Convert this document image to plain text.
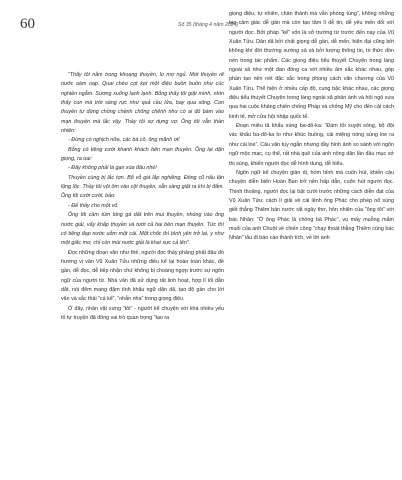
60	Số 35 (tháng 4 năm 2024)

“Thấy tôi nằm trong khoang thuyền, lo mơ ngủ. Mới thuyền rẽ nước oàm oạp. Quai chèo cọt kẹt một điệu buồn buồn như cúc nghiền ngẫm. Sương xuống lạnh lạnh. Bỗng thấy tôi giật mình, nhìn thấy con mà trời sáng rực như quả cầu lửa, bay qua sông. Con thuyền tự dừng chồng chềnh chống chênh như có ai đó bám vào mạn thuyền mà lắc vậy. Thầy tôi sợ dựng vợ. Ông tôi vẫn thản nhiên:

- Đừng có nghịch nữa, các bà cô, ông mãnh ơi!

Bỗng có tiếng cười khanh khách bên mạn thuyền. Ông lại dặn giọng, ra oai:

- Đây không phải là gạn xúa đâu nhé!

Thuyền cùng bị lắc tợn. Bố vỗ giá lắp nghiêng. Đồng cũ nấu lận lộng lộc. Thầy tôi vội ôm vào cột thuyền, sẵn sàng giật ra khi bị đắm. Ông tôi cười cười, bảo:

- Để thầy cho một vố.

Ông tôi cầm túm lóng gà dắt trên mui thuyền, nhúng vào ống nước giải, vẩy khắp thuyền và tưới cả hai bên mạn thuyền. Tức thì có tiếng đạp nước uỗm một cái. Một chốc thì bình yên trở lại, y như một giấc mơ, chỉ còn mùi nước giải là khai sực cả lên”.

Đọc những đoạn văn như thế, người đọc thấy phảng phất đâu đó hương vị văn Vũ Xuân Tửu những điều kể lại hoàn toàn khác, đề gần, dễ đọc, dễ tiếp nhận chứ không bị choáng ngợp trước sự ngôn ngữ của người từ. Nhà văn đã sử dụng rất linh hoạt, hợp lí lối dẫn dắt, nói đêm mang đậm tính khẩu ngữ dân dã, tạo độ gần cho lời văn và sắc thái “cá kể”, “nhẫn nha” trong giọng điệu.

Ở đây, nhân vật xưng “tôi” - người kể chuyện với khá nhiều yếu tố tự truyện đã đóng vai trò quan trọng “tạo ra

giọng điệu, tự nhiên, chân thành mà vẫn phóng túng”, không những tạo cảm giác dễ gần mà còn tạo tâm lí dễ tin, dễ yêu mến đối với người đọc. Bởi pháp “kể” vốn là sở trường từ trước đến nay của Vũ Xuân Tửu. Dân dã bởi chất giọng dễ gần, dễ mến, hiện đại cũng bởi không khí đời thường sướng sả và bởi lượng thông tin, tri thức dồn nén trong tác phẩm. Các giọng điệu tiểu thuyết Chuyện trong làng ngoài xã như một đan đồng ca với nhiều âm sắc khác nhau, góp phần tạo nên nét đặc sắc trong phong cách văn chương của Vũ Xuân Tửu. Thể hiện ở nhiều cấp độ, cung bậc khác nhau, các giọng điệu tiểu thuyết Chuyện trong làng ngoài xã phản ánh và hội ngộ xưa qua hai cuộc kháng chiến chống Pháp và chống Mỹ cho đến cải cách kinh tế, mở cửa hội nhập quốc tế.

Đoạn miêu tả khẩu súng ba-dô-ka: “Đám tối xuyệt sóng, bộ đội vác khẩu ba-dô-ka to như khúc buồng, cái miệng nóng súng loe ra như cái loe”. Câu văn tuy ngắn nhưng đầy hình ảnh so sánh với ngôn ngữ mộc mạc, cụ thể, rất nhà quê của anh nông dân lần đầu mục sở thị súng, khiến người đọc dễ hình dung, dễ hiểu.

Ngôn ngữ kể chuyện giản dị, hóm hỉnh mà cuốn hút, khiến câu chuyện diễn biến Hoàn Ban trở nên hấp dẫn, cuốn hút người đọc. Thinh thoảng, người đọc lại bật cười trước những cách diễn đạt của Vũ Xuân Tửu: cách lí giải về cái lệnh ông Phác cho phép nổ súng giết thắng Thiêm bán nước rất ngây thơ, hồn nhiên của “ông tôi” với bác Nhân: “Ở ông Phác là chồng bà Phác”, vụ mấy muỗng mắm muối của anh Chuột về chiến công “chạy thoát thằng Thiêm cùng bác Nhân” lâu đi báo cáo thành tích, về lời anh
